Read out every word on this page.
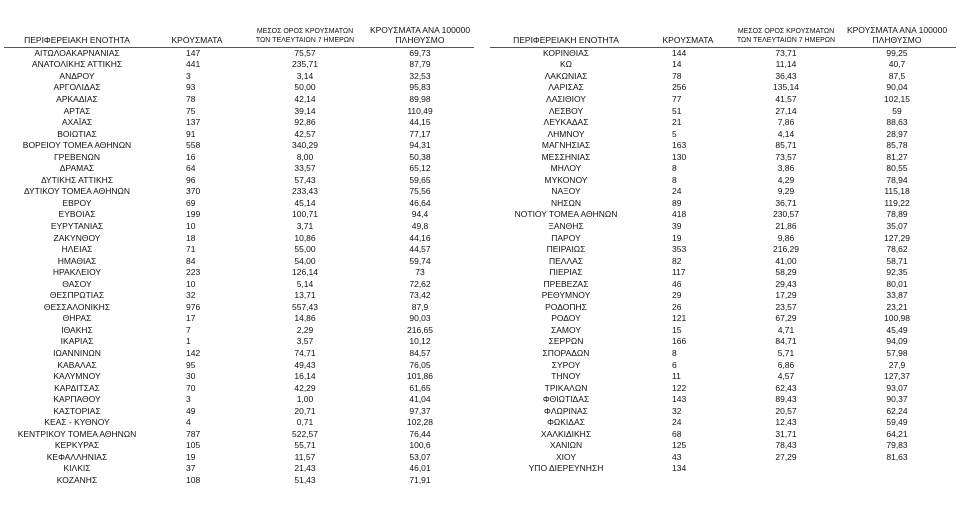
ΠΕΡΙΦΕΡΕΙΑΚΗ ΕΝΟΤΗΤΑ	ΚΡΟΥΣΜΑΤΑ	ΜΕΣΟΣ ΟΡΟΣ ΚΡΟΥΣΜΑΤΩΝ
ΤΩΝ ΤΕΛΕΥΤΑΙΩΝ 7 ΗΜΕΡΩΝ	ΚΡΟΥΣΜΑΤΑ ΑΝΑ 100000
ΠΛΗΘΥΣΜΟ
ΑΙΤΩΛΟΑΚΑΡΝΑΝΙΑΣ	147	75,57	69,73
ΑΝΑΤΟΛΙΚΗΣ ΑΤΤΙΚΗΣ	441	235,71	87,79
ΑΝΔΡΟΥ	3	3,14	32,53
ΑΡΓΟΛΙΔΑΣ	93	50,00	95,83
ΑΡΚΑΔΙΑΣ	78	42,14	89,98
ΑΡΤΑΣ	75	39,14	110,49
ΑΧΑΪΑΣ	137	92,86	44,15
ΒΟΙΩΤΙΑΣ	91	42,57	77,17
ΒΟΡΕΙΟΥ ΤΟΜΕΑ ΑΘΗΝΩΝ	558	340,29	94,31
ΓΡΕΒΕΝΩΝ	16	8,00	50,38
ΔΡΑΜΑΣ	64	33,57	65,12
ΔΥΤΙΚΗΣ ΑΤΤΙΚΗΣ	96	57,43	59,65
ΔΥΤΙΚΟΥ ΤΟΜΕΑ ΑΘΗΝΩΝ	370	233,43	75,56
ΕΒΡΟΥ	69	45,14	46,64
ΕΥΒΟΙΑΣ	199	100,71	94,4
ΕΥΡΥΤΑΝΙΑΣ	10	3,71	49,8
ΖΑΚΥΝΘΟΥ	18	10,86	44,16
ΗΛΕΙΑΣ	71	55,00	44,57
ΗΜΑΘΙΑΣ	84	54,00	59,74
ΗΡΑΚΛΕΙΟΥ	223	126,14	73
ΘΑΣΟΥ	10	5,14	72,62
ΘΕΣΠΡΩΤΙΑΣ	32	13,71	73,42
ΘΕΣΣΑΛΟΝΙΚΗΣ	976	557,43	87,9
ΘΗΡΑΣ	17	14,86	90,03
ΙΘΑΚΗΣ	7	2,29	216,65
ΙΚΑΡΙΑΣ	1	3,57	10,12
ΙΩΑΝΝΙΝΩΝ	142	74,71	84,57
ΚΑΒΑΛΑΣ	95	49,43	76,05
ΚΑΛΥΜΝΟΥ	30	16,14	101,86
ΚΑΡΔΙΤΣΑΣ	70	42,29	61,65
ΚΑΡΠΑΘΟΥ	3	1,00	41,04
ΚΑΣΤΟΡΙΑΣ	49	20,71	97,37
ΚΕΑΣ - ΚΥΘΝΟΥ	4	0,71	102,28
ΚΕΝΤΡΙΚΟΥ ΤΟΜΕΑ ΑΘΗΝΩΝ	787	522,57	76,44
ΚΕΡΚΥΡΑΣ	105	55,71	100,6
ΚΕΦΑΛΛΗΝΙΑΣ	19	11,57	53,07
ΚΙΛΚΙΣ	37	21,43	46,01
ΚΟΖΑΝΗΣ	108	51,43	71,91
ΠΕΡΙΦΕΡΕΙΑΚΗ ΕΝΟΤΗΤΑ	ΚΡΟΥΣΜΑΤΑ	ΜΕΣΟΣ ΟΡΟΣ ΚΡΟΥΣΜΑΤΩΝ
ΤΩΝ ΤΕΛΕΥΤΑΙΩΝ 7 ΗΜΕΡΩΝ	ΚΡΟΥΣΜΑΤΑ ΑΝΑ 100000
ΠΛΗΘΥΣΜΟ
ΚΟΡΙΝΘΙΑΣ	144	73,71	99,25
ΚΩ	14	11,14	40,7
ΛΑΚΩΝΙΑΣ	78	36,43	87,5
ΛΑΡΙΣΑΣ	256	135,14	90,04
ΛΑΣΙΘΙΟΥ	77	41,57	102,15
ΛΕΣΒΟΥ	51	27,14	59
ΛΕΥΚΑΔΑΣ	21	7,86	88,63
ΛΗΜΝΟΥ	5	4,14	28,97
ΜΑΓΝΗΣΙΑΣ	163	85,71	85,78
ΜΕΣΣΗΝΙΑΣ	130	73,57	81,27
ΜΗΛΟΥ	8	3,86	80,55
ΜΥΚΟΝΟΥ	8	4,29	78,94
ΝΑΞΟΥ	24	9,29	115,18
ΝΗΣΩΝ	89	36,71	119,22
ΝΟΤΙΟΥ ΤΟΜΕΑ ΑΘΗΝΩΝ	418	230,57	78,89
ΞΑΝΘΗΣ	39	21,86	35,07
ΠΑΡΟΥ	19	9,86	127,29
ΠΕΙΡΑΙΩΣ	353	216,29	78,62
ΠΕΛΛΑΣ	82	41,00	58,71
ΠΙΕΡΙΑΣ	117	58,29	92,35
ΠΡΕΒΕΖΑΣ	46	29,43	80,01
ΡΕΘΥΜΝΟΥ	29	17,29	33,87
ΡΟΔΟΠΗΣ	26	23,57	23,21
ΡΟΔΟΥ	121	67,29	100,98
ΣΑΜΟΥ	15	4,71	45,49
ΣΕΡΡΩΝ	166	84,71	94,09
ΣΠΟΡΑΔΩΝ	8	5,71	57,98
ΣΥΡΟΥ	6	6,86	27,9
ΤΗΝΟΥ	11	4,57	127,37
ΤΡΙΚΑΛΩΝ	122	62,43	93,07
ΦΘΙΩΤΙΔΑΣ	143	89,43	90,37
ΦΛΩΡΙΝΑΣ	32	20,57	62,24
ΦΩΚΙΔΑΣ	24	12,43	59,49
ΧΑΛΚΙΔΙΚΗΣ	68	31,71	64,21
ΧΑΝΙΩΝ	125	78,43	79,83
ΧΙΟΥ	43	27,29	81,63
ΥΠΟ ΔΙΕΡΕΥΝΗΣΗ	134		
